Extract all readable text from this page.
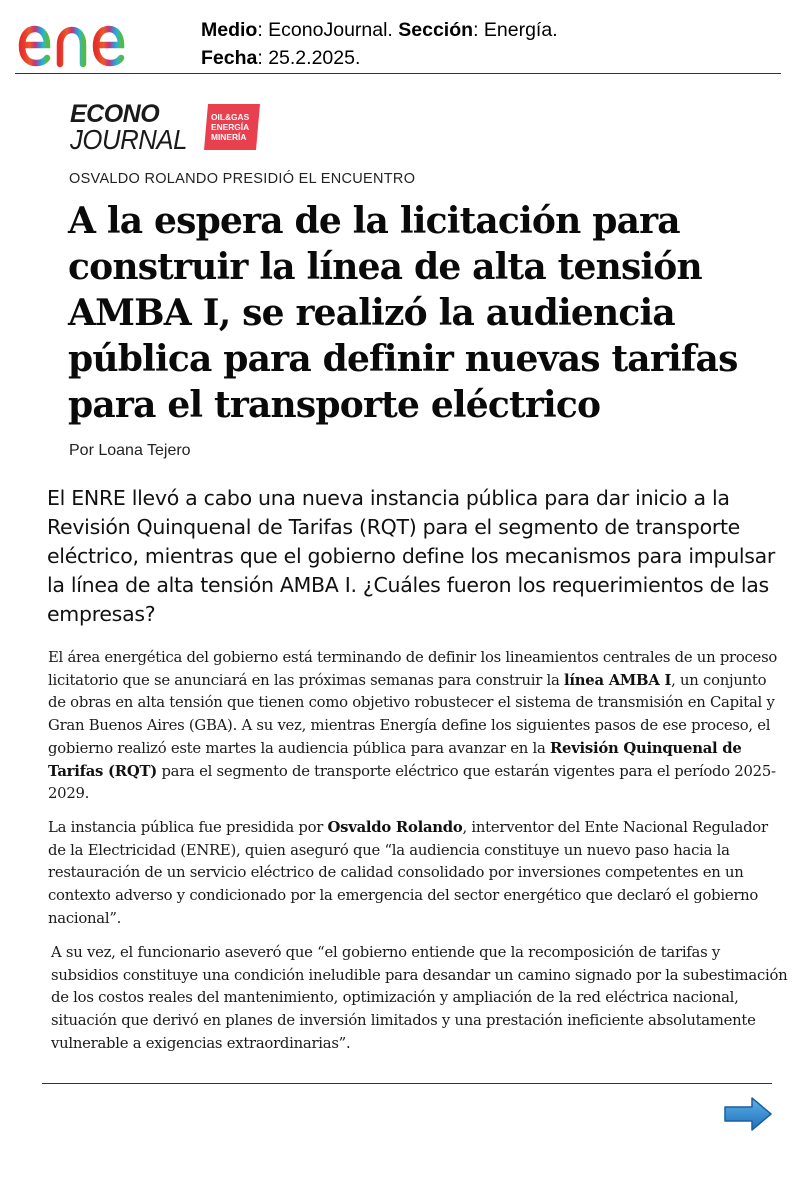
Medio: EconoJournal. Sección: Energía.
Fecha: 25.2.2025.
ECONO
JOURNAL
OIL&GAS
ENERGÍA
MINERÍA
OSVALDO ROLANDO PRESIDIÓ EL ENCUENTRO
A la espera de la licitación para construir la línea de alta tensión AMBA I, se realizó la audiencia pública para definir nuevas tarifas para el transporte eléctrico
Por Loana Tejero

El ENRE llevó a cabo una nueva instancia pública para dar inicio a la Revisión Quinquenal de Tarifas (RQT) para el segmento de transporte eléctrico, mientras que el gobierno define los mecanismos para impulsar la línea de alta tensión AMBA I. ¿Cuáles fueron los requerimientos de las empresas?

El área energética del gobierno está terminando de definir los lineamientos centrales de un proceso licitatorio que se anunciará en las próximas semanas para construir la línea AMBA I, un conjunto de obras en alta tensión que tienen como objetivo robustecer el sistema de transmisión en Capital y Gran Buenos Aires (GBA). A su vez, mientras Energía define los siguientes pasos de ese proceso, el gobierno realizó este martes la audiencia pública para avanzar en la Revisión Quinquenal de Tarifas (RQT) para el segmento de transporte eléctrico que estarán vigentes para el período 2025-2029.

La instancia pública fue presidida por Osvaldo Rolando, interventor del Ente Nacional Regulador de la Electricidad (ENRE), quien aseguró que “la audiencia constituye un nuevo paso hacia la restauración de un servicio eléctrico de calidad consolidado por inversiones competentes en un contexto adverso y condicionado por la emergencia del sector energético que declaró el gobierno nacional”.

A su vez, el funcionario aseveró que “el gobierno entiende que la recomposición de tarifas y subsidios constituye una condición ineludible para desandar un camino signado por la subestimación de los costos reales del mantenimiento, optimización y ampliación de la red eléctrica nacional, situación que derivó en planes de inversión limitados y una prestación ineficiente absolutamente vulnerable a exigencias extraordinarias”.
